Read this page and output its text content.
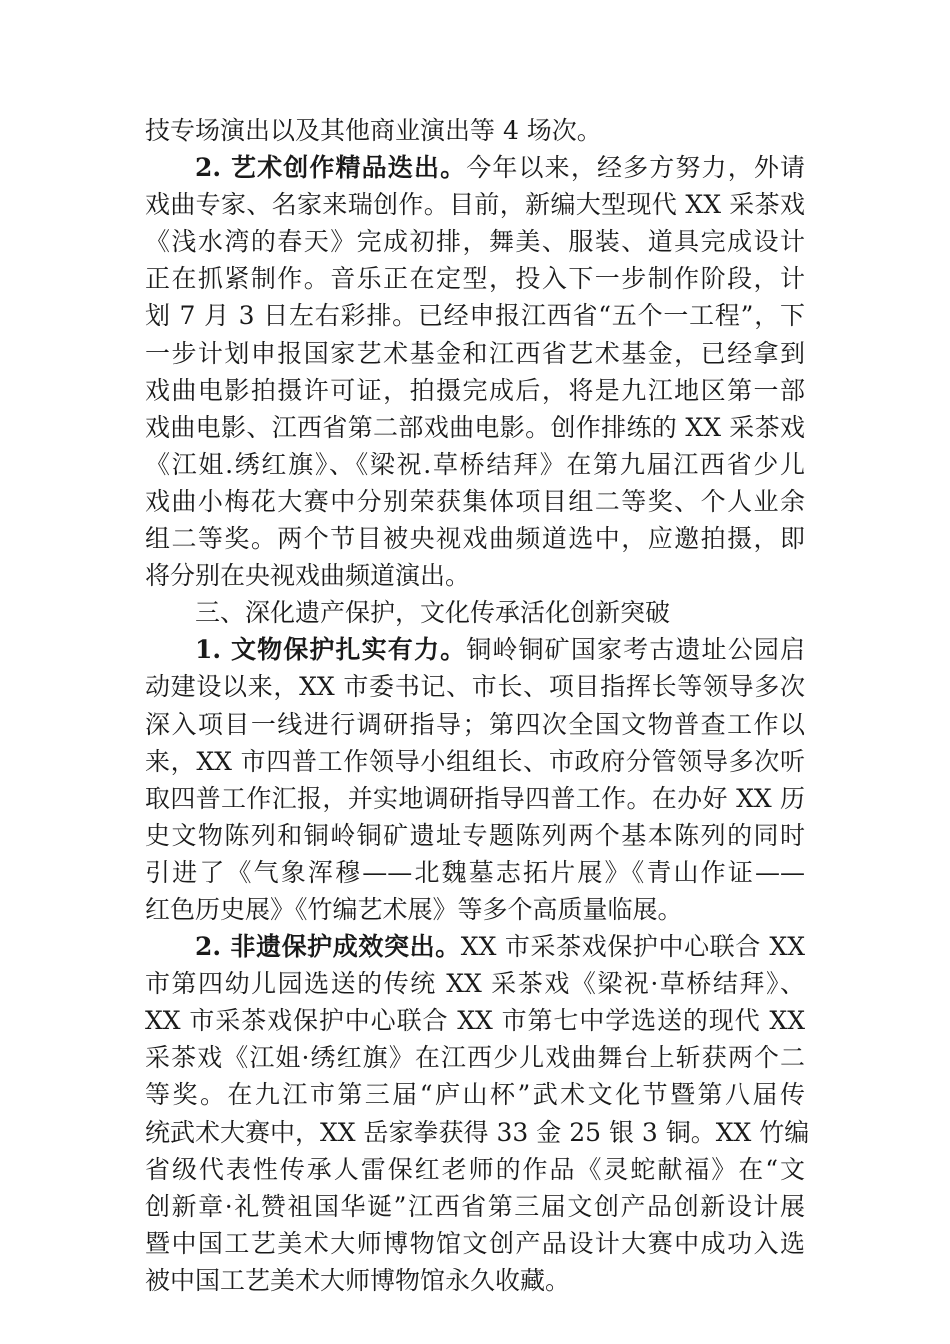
技专场演出以及其他商业演出等 4 场次。
2. 艺术创作精品迭出。今年以来，经多方努力，外请
戏曲专家、名家来瑞创作。目前，新编大型现代 XX 采茶戏
《浅水湾的春天》完成初排，舞美、服装、道具完成设计
正在抓紧制作。音乐正在定型，投入下一步制作阶段，计
划 7 月 3 日左右彩排。已经申报江西省“五个一工程”，下
一步计划申报国家艺术基金和江西省艺术基金，已经拿到
戏曲电影拍摄许可证，拍摄完成后，将是九江地区第一部
戏曲电影、江西省第二部戏曲电影。创作排练的 XX 采茶戏
《江姐.绣红旗》、《梁祝.草桥结拜》在第九届江西省少儿
戏曲小梅花大赛中分别荣获集体项目组二等奖、个人业余
组二等奖。两个节目被央视戏曲频道选中，应邀拍摄，即
将分别在央视戏曲频道演出。
三、深化遗产保护，文化传承活化创新突破
1. 文物保护扎实有力。铜岭铜矿国家考古遗址公园启
动建设以来，XX 市委书记、市长、项目指挥长等领导多次
深入项目一线进行调研指导；第四次全国文物普查工作以
来，XX 市四普工作领导小组组长、市政府分管领导多次听
取四普工作汇报，并实地调研指导四普工作。在办好 XX 历
史文物陈列和铜岭铜矿遗址专题陈列两个基本陈列的同时
引进了《气象浑穆——北魏墓志拓片展》《青山作证——
红色历史展》《竹编艺术展》等多个高质量临展。
2. 非遗保护成效突出。XX 市采茶戏保护中心联合 XX
市第四幼儿园选送的传统 XX 采茶戏《梁祝·草桥结拜》、
XX 市采茶戏保护中心联合 XX 市第七中学选送的现代 XX
采茶戏《江姐·绣红旗》在江西少儿戏曲舞台上斩获两个二
等奖。在九江市第三届“庐山杯”武术文化节暨第八届传
统武术大赛中，XX 岳家拳获得 33 金 25 银 3 铜。XX 竹编
省级代表性传承人雷保红老师的作品《灵蛇献福》在“文
创新章·礼赞祖国华诞”江西省第三届文创产品创新设计展
暨中国工艺美术大师博物馆文创产品设计大赛中成功入选
被中国工艺美术大师博物馆永久收藏。
